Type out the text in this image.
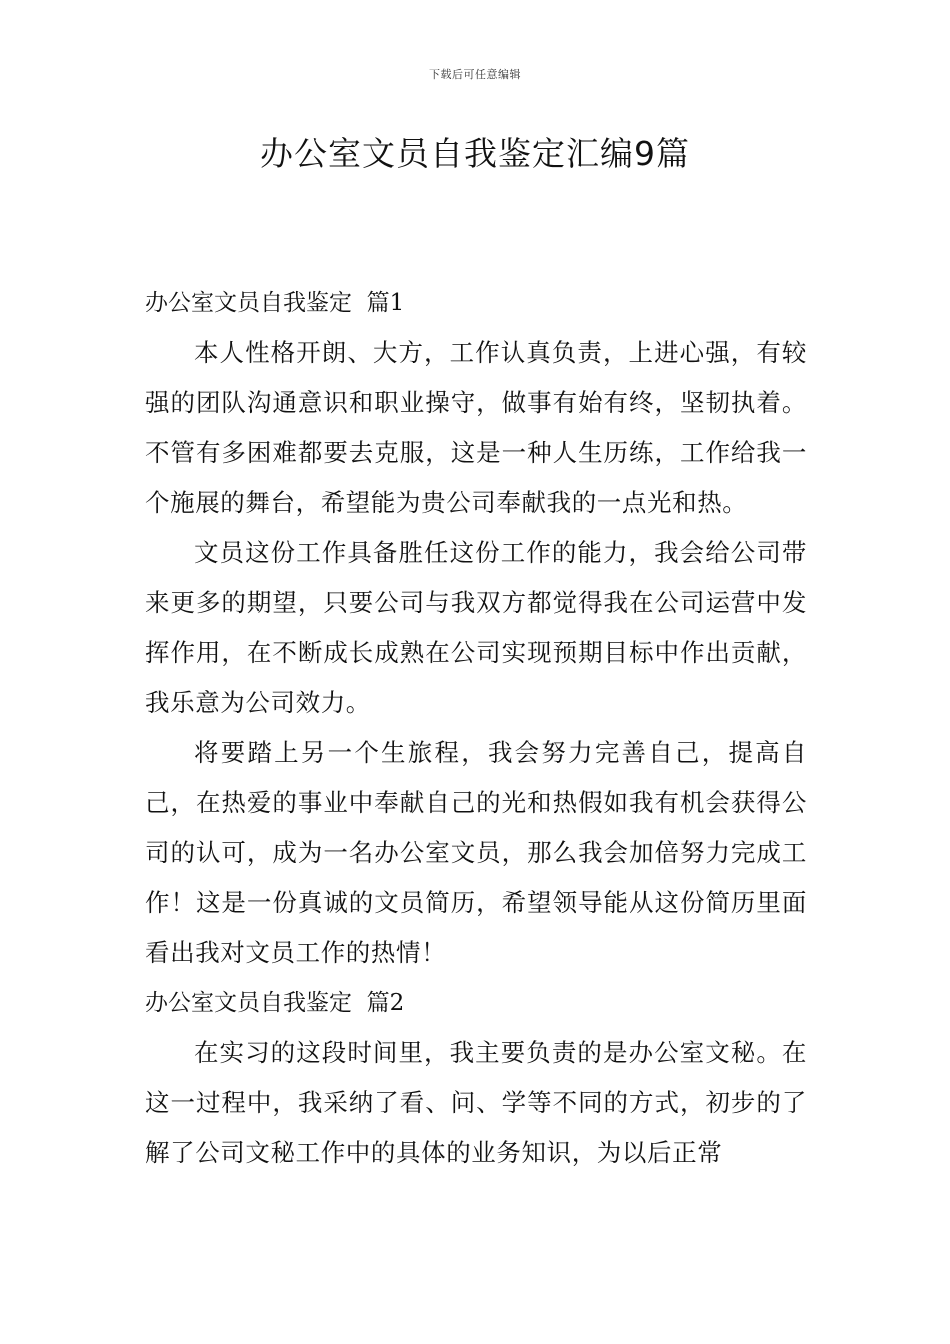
下载后可任意编辑
办公室文员自我鉴定汇编9篇

办公室文员自我鉴定  篇1

本人性格开朗、大方，工作认真负责，上进心强，有较强的团队沟通意识和职业操守，做事有始有终，坚韧执着。不管有多困难都要去克服，这是一种人生历练，工作给我一个施展的舞台，希望能为贵公司奉献我的一点光和热。

文员这份工作具备胜任这份工作的能力，我会给公司带来更多的期望，只要公司与我双方都觉得我在公司运营中发挥作用，在不断成长成熟在公司实现预期目标中作出贡献，我乐意为公司效力。

将要踏上另一个生旅程，我会努力完善自己，提高自己，在热爱的事业中奉献自己的光和热假如我有机会获得公司的认可，成为一名办公室文员，那么我会加倍努力完成工作！这是一份真诚的文员简历，希望领导能从这份简历里面看出我对文员工作的热情！

办公室文员自我鉴定  篇2

在实习的这段时间里，我主要负责的是办公室文秘。在这一过程中，我采纳了看、问、学等不同的方式，初步的了解了公司文秘工作中的具体的业务知识，为以后正常
